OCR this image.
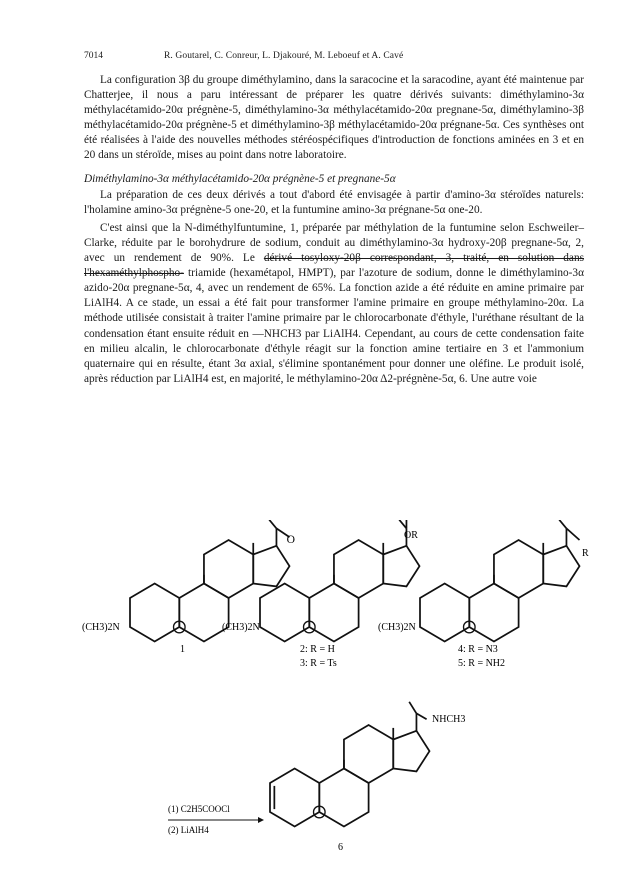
7014	R. Goutarel, C. Conreur, L. Djakouré, M. Leboeuf et A. Cavé

La configuration 3β du groupe diméthylamino, dans la saracocine et la saracodine, ayant été maintenue par Chatterjee, il nous a paru intéressant de préparer les quatre dérivés suivants: diméthylamino-3α méthylacétamido-20α prégnène-5, diméthylamino-3α méthylacétamido-20α pregnane-5α, diméthylamino-3β méthylacétamido-20α prégnène-5 et diméthylamino-3β méthylacétamido-20α prégnane-5α. Ces synthèses ont été réalisées à l'aide des nouvelles méthodes stéréospécifiques d'introduction de fonctions aminées en 3 et en 20 dans un stéroïde, mises au point dans notre laboratoire.

Diméthylamino-3α méthylacétamido-20α prégnène-5 et pregnane-5α

La préparation de ces deux dérivés a tout d'abord été envisagée à partir d'amino-3α stéroïdes naturels: l'holamine amino-3α prégnène-5 one-20, et la funtumine amino-3α prégnane-5α one-20.

C'est ainsi que la N-diméthylfuntumine, 1, préparée par méthylation de la funtumine selon Eschweiler–Clarke, réduite par le borohydrure de sodium, conduit au diméthylamino-3α hydroxy-20β pregnane-5α, 2, avec un rendement de 90%. Le dérivé tosyloxy-20β correspondant, 3, traité, en solution dans l'hexaméthylphospho- triamide (hexamétapol, HMPT), par l'azoture de sodium, donne le diméthylamino-3α azido-20α pregnane-5α, 4, avec un rendement de 65%. La fonction azide a été réduite en amine primaire par LiAlH4. A ce stade, un essai a été fait pour transformer l'amine primaire en groupe méthylamino-20α. La méthode utilisée consistait à traiter l'amine primaire par le chlorocarbonate d'éthyle, l'uréthane résultant de la condensation étant ensuite réduit en —NHCH3 par LiAlH4. Cependant, au cours de cette condensation faite en milieu alcalin, le chlorocarbonate d'éthyle réagit sur la fonction amine tertiaire en 3 et l'ammonium quaternaire qui en résulte, étant 3α axial, s'élimine spontanément pour donner une oléfine. Le produit isolé, après réduction par LiAlH4 est, en majorité, le méthylamino-20α Δ2-prégnène-5α, 6. Une autre voie

O
(CH3)2N
1
OR
(CH3)2N
2: R = H
3: R = Ts
R
(CH3)2N
4: R = N3
5: R = NH2
NHCH3
(1) C2H5COOCl
(2) LiAlH4
6
